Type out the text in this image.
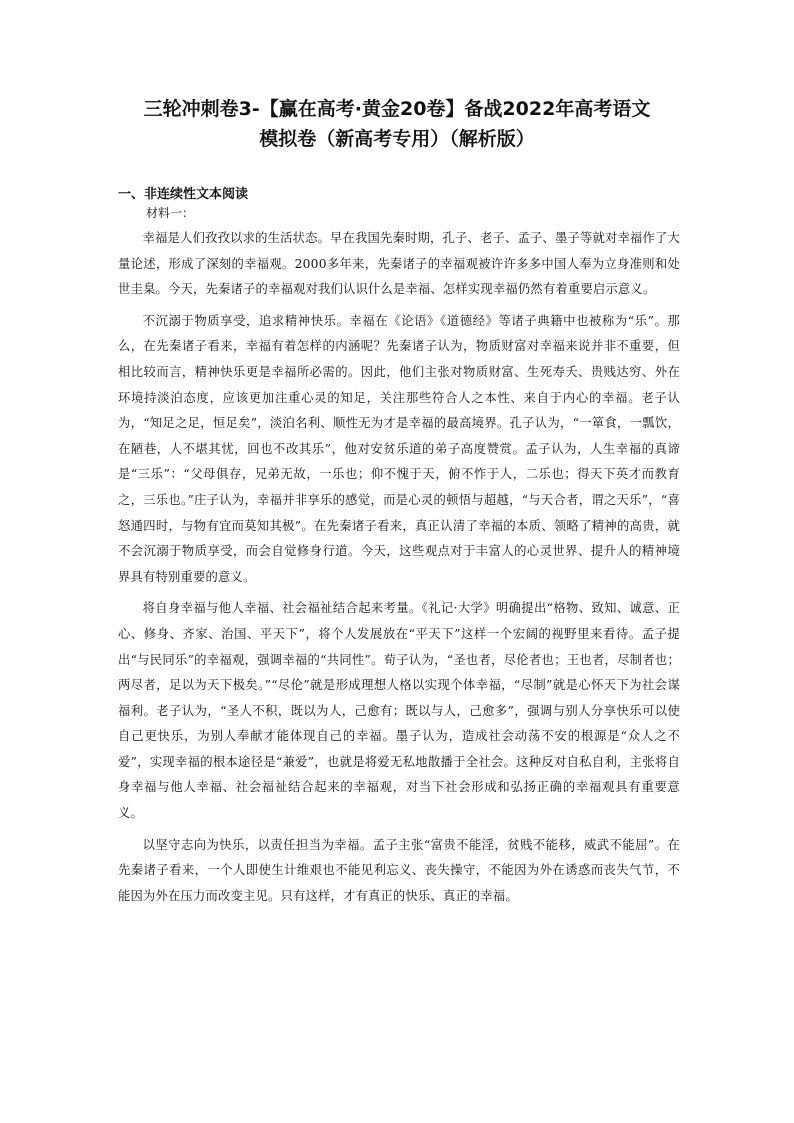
三轮冲刺卷3-【赢在高考·黄金20卷】备战2022年高考语文
模拟卷（新高考专用）（解析版）
一、非连续性文本阅读

材料一：

幸福是人们孜孜以求的生活状态。早在我国先秦时期，孔子、老子、孟子、墨子等就对幸福作了大量论述，形成了深刻的幸福观。2000多年来，先秦诸子的幸福观被许许多多中国人奉为立身准则和处世圭臬。今天，先秦诸子的幸福观对我们认识什么是幸福、怎样实现幸福仍然有着重要启示意义。

不沉溺于物质享受，追求精神快乐。幸福在《论语》《道德经》等诸子典籍中也被称为“乐”。那么，在先秦诸子看来，幸福有着怎样的内涵呢？先秦诸子认为，物质财富对幸福来说并非不重要，但相比较而言，精神快乐更是幸福所必需的。因此，他们主张对物质财富、生死寿夭、贵贱达穷、外在环境持淡泊态度，应该更加注重心灵的知足，关注那些符合人之本性、来自于内心的幸福。老子认为，“知足之足，恒足矣”，淡泊名利、顺性无为才是幸福的最高境界。孔子认为，“一箪食，一瓢饮，在陋巷，人不堪其忧，回也不改其乐”，他对安贫乐道的弟子高度赞赏。孟子认为，人生幸福的真谛是“三乐”：“父母俱存，兄弟无故，一乐也；仰不愧于天，俯不怍于人，二乐也；得天下英才而教育之，三乐也。”庄子认为，幸福并非享乐的感觉，而是心灵的顿悟与超越，“与天合者，谓之天乐”，“喜怒通四时，与物有宜而莫知其极”。在先秦诸子看来，真正认清了幸福的本质、领略了精神的高贵，就不会沉溺于物质享受，而会自觉修身行道。今天，这些观点对于丰富人的心灵世界、提升人的精神境界具有特别重要的意义。

将自身幸福与他人幸福、社会福祉结合起来考量。《礼记·大学》明确提出“格物、致知、诚意、正心、修身、齐家、治国、平天下”，将个人发展放在“平天下”这样一个宏阔的视野里来看待。孟子提出“与民同乐”的幸福观，强调幸福的“共同性”。荀子认为，“圣也者，尽伦者也；王也者，尽制者也；两尽者，足以为天下极矣。”“尽伦”就是形成理想人格以实现个体幸福，“尽制”就是心怀天下为社会谋福利。老子认为，“圣人不积，既以为人，己愈有；既以与人，己愈多”，强调与别人分享快乐可以使自己更快乐，为别人奉献才能体现自己的幸福。墨子认为，造成社会动荡不安的根源是“众人之不爱”，实现幸福的根本途径是“兼爱”，也就是将爱无私地散播于全社会。这种反对自私自利，主张将自身幸福与他人幸福、社会福祉结合起来的幸福观，对当下社会形成和弘扬正确的幸福观具有重要意义。

以坚守志向为快乐，以责任担当为幸福。孟子主张“富贵不能淫，贫贱不能移，威武不能屈”。在先秦诸子看来，一个人即使生计维艰也不能见利忘义、丧失操守，不能因为外在诱惑而丧失气节，不能因为外在压力而改变主见。只有这样，才有真正的快乐、真正的幸福。
